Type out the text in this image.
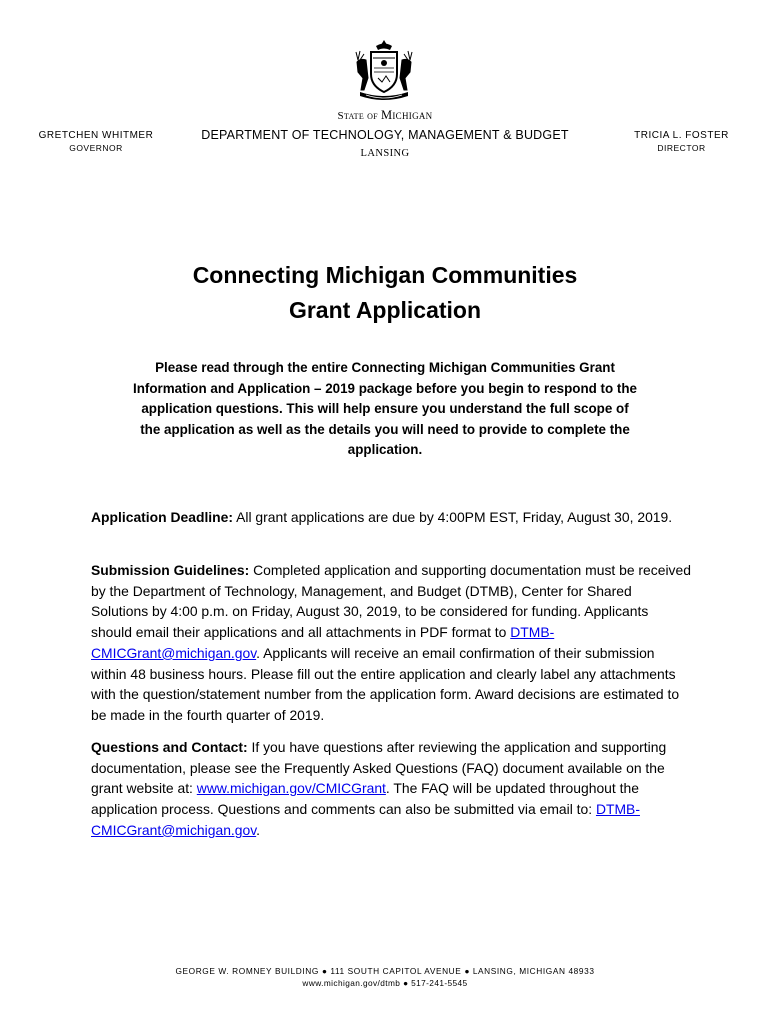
State of Michigan
DEPARTMENT OF TECHNOLOGY, MANAGEMENT & BUDGET
LANSING
GRETCHEN WHITMER
GOVERNOR
TRICIA L. FOSTER
DIRECTOR
Connecting Michigan Communities
Grant Application
Please read through the entire Connecting Michigan Communities Grant Information and Application – 2019 package before you begin to respond to the application questions. This will help ensure you understand the full scope of the application as well as the details you will need to provide to complete the application.
Application Deadline: All grant applications are due by 4:00PM EST, Friday, August 30, 2019.
Submission Guidelines: Completed application and supporting documentation must be received by the Department of Technology, Management, and Budget (DTMB), Center for Shared Solutions by 4:00 p.m. on Friday, August 30, 2019, to be considered for funding. Applicants should email their applications and all attachments in PDF format to DTMB-CMICGrant@michigan.gov. Applicants will receive an email confirmation of their submission within 48 business hours. Please fill out the entire application and clearly label any attachments with the question/statement number from the application form. Award decisions are estimated to be made in the fourth quarter of 2019.
Questions and Contact: If you have questions after reviewing the application and supporting documentation, please see the Frequently Asked Questions (FAQ) document available on the grant website at: www.michigan.gov/CMICGrant. The FAQ will be updated throughout the application process. Questions and comments can also be submitted via email to: DTMB-CMICGrant@michigan.gov.
GEORGE W. ROMNEY BUILDING ● 111 SOUTH CAPITOL AVENUE ● LANSING, MICHIGAN 48933
www.michigan.gov/dtmb ● 517-241-5545
